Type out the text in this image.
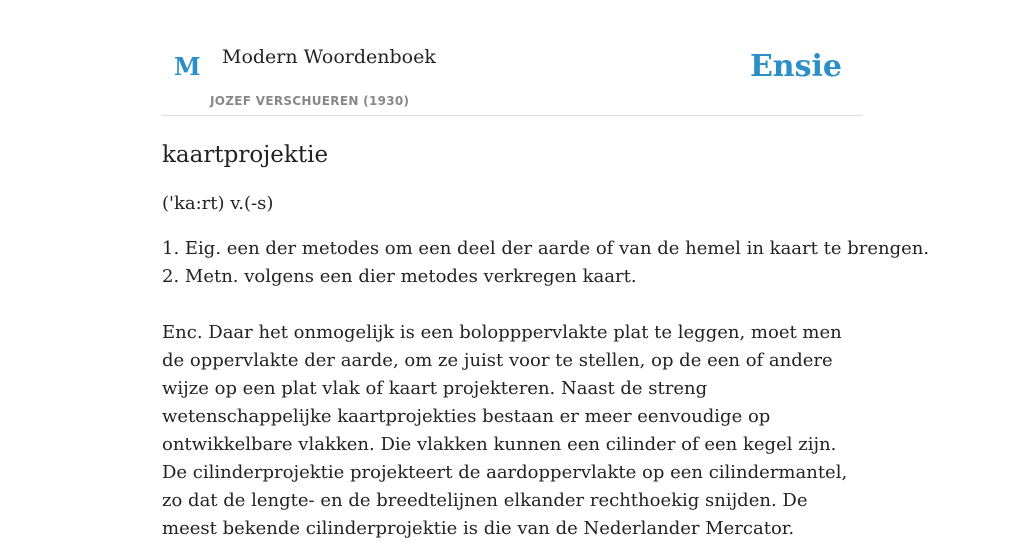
M Modern Woordenboek
JOZEF VERSCHUEREN (1930)
Ensie
kaartprojektie
('ka:rt) v.(-s)
1. Eig. een der metodes om een deel der aarde of van de hemel in kaart te brengen.
2. Metn. volgens een dier metodes verkregen kaart.
Enc. Daar het onmogelijk is een bolopppervlakte plat te leggen, moet men de oppervlakte der aarde, om ze juist voor te stellen, op de een of andere wijze op een plat vlak of kaart projekteren. Naast de streng wetenschappelijke kaartprojekties bestaan er meer eenvoudige op ontwikkelbare vlakken. Die vlakken kunnen een cilinder of een kegel zijn. De cilinderprojektie projekteert de aardoppervlakte op een cilindermantel, zo dat de lengte- en de breedtelijnen elkander rechthoekig snijden. De meest bekende cilinderprojektie is die van de Nederlander Mercator.
